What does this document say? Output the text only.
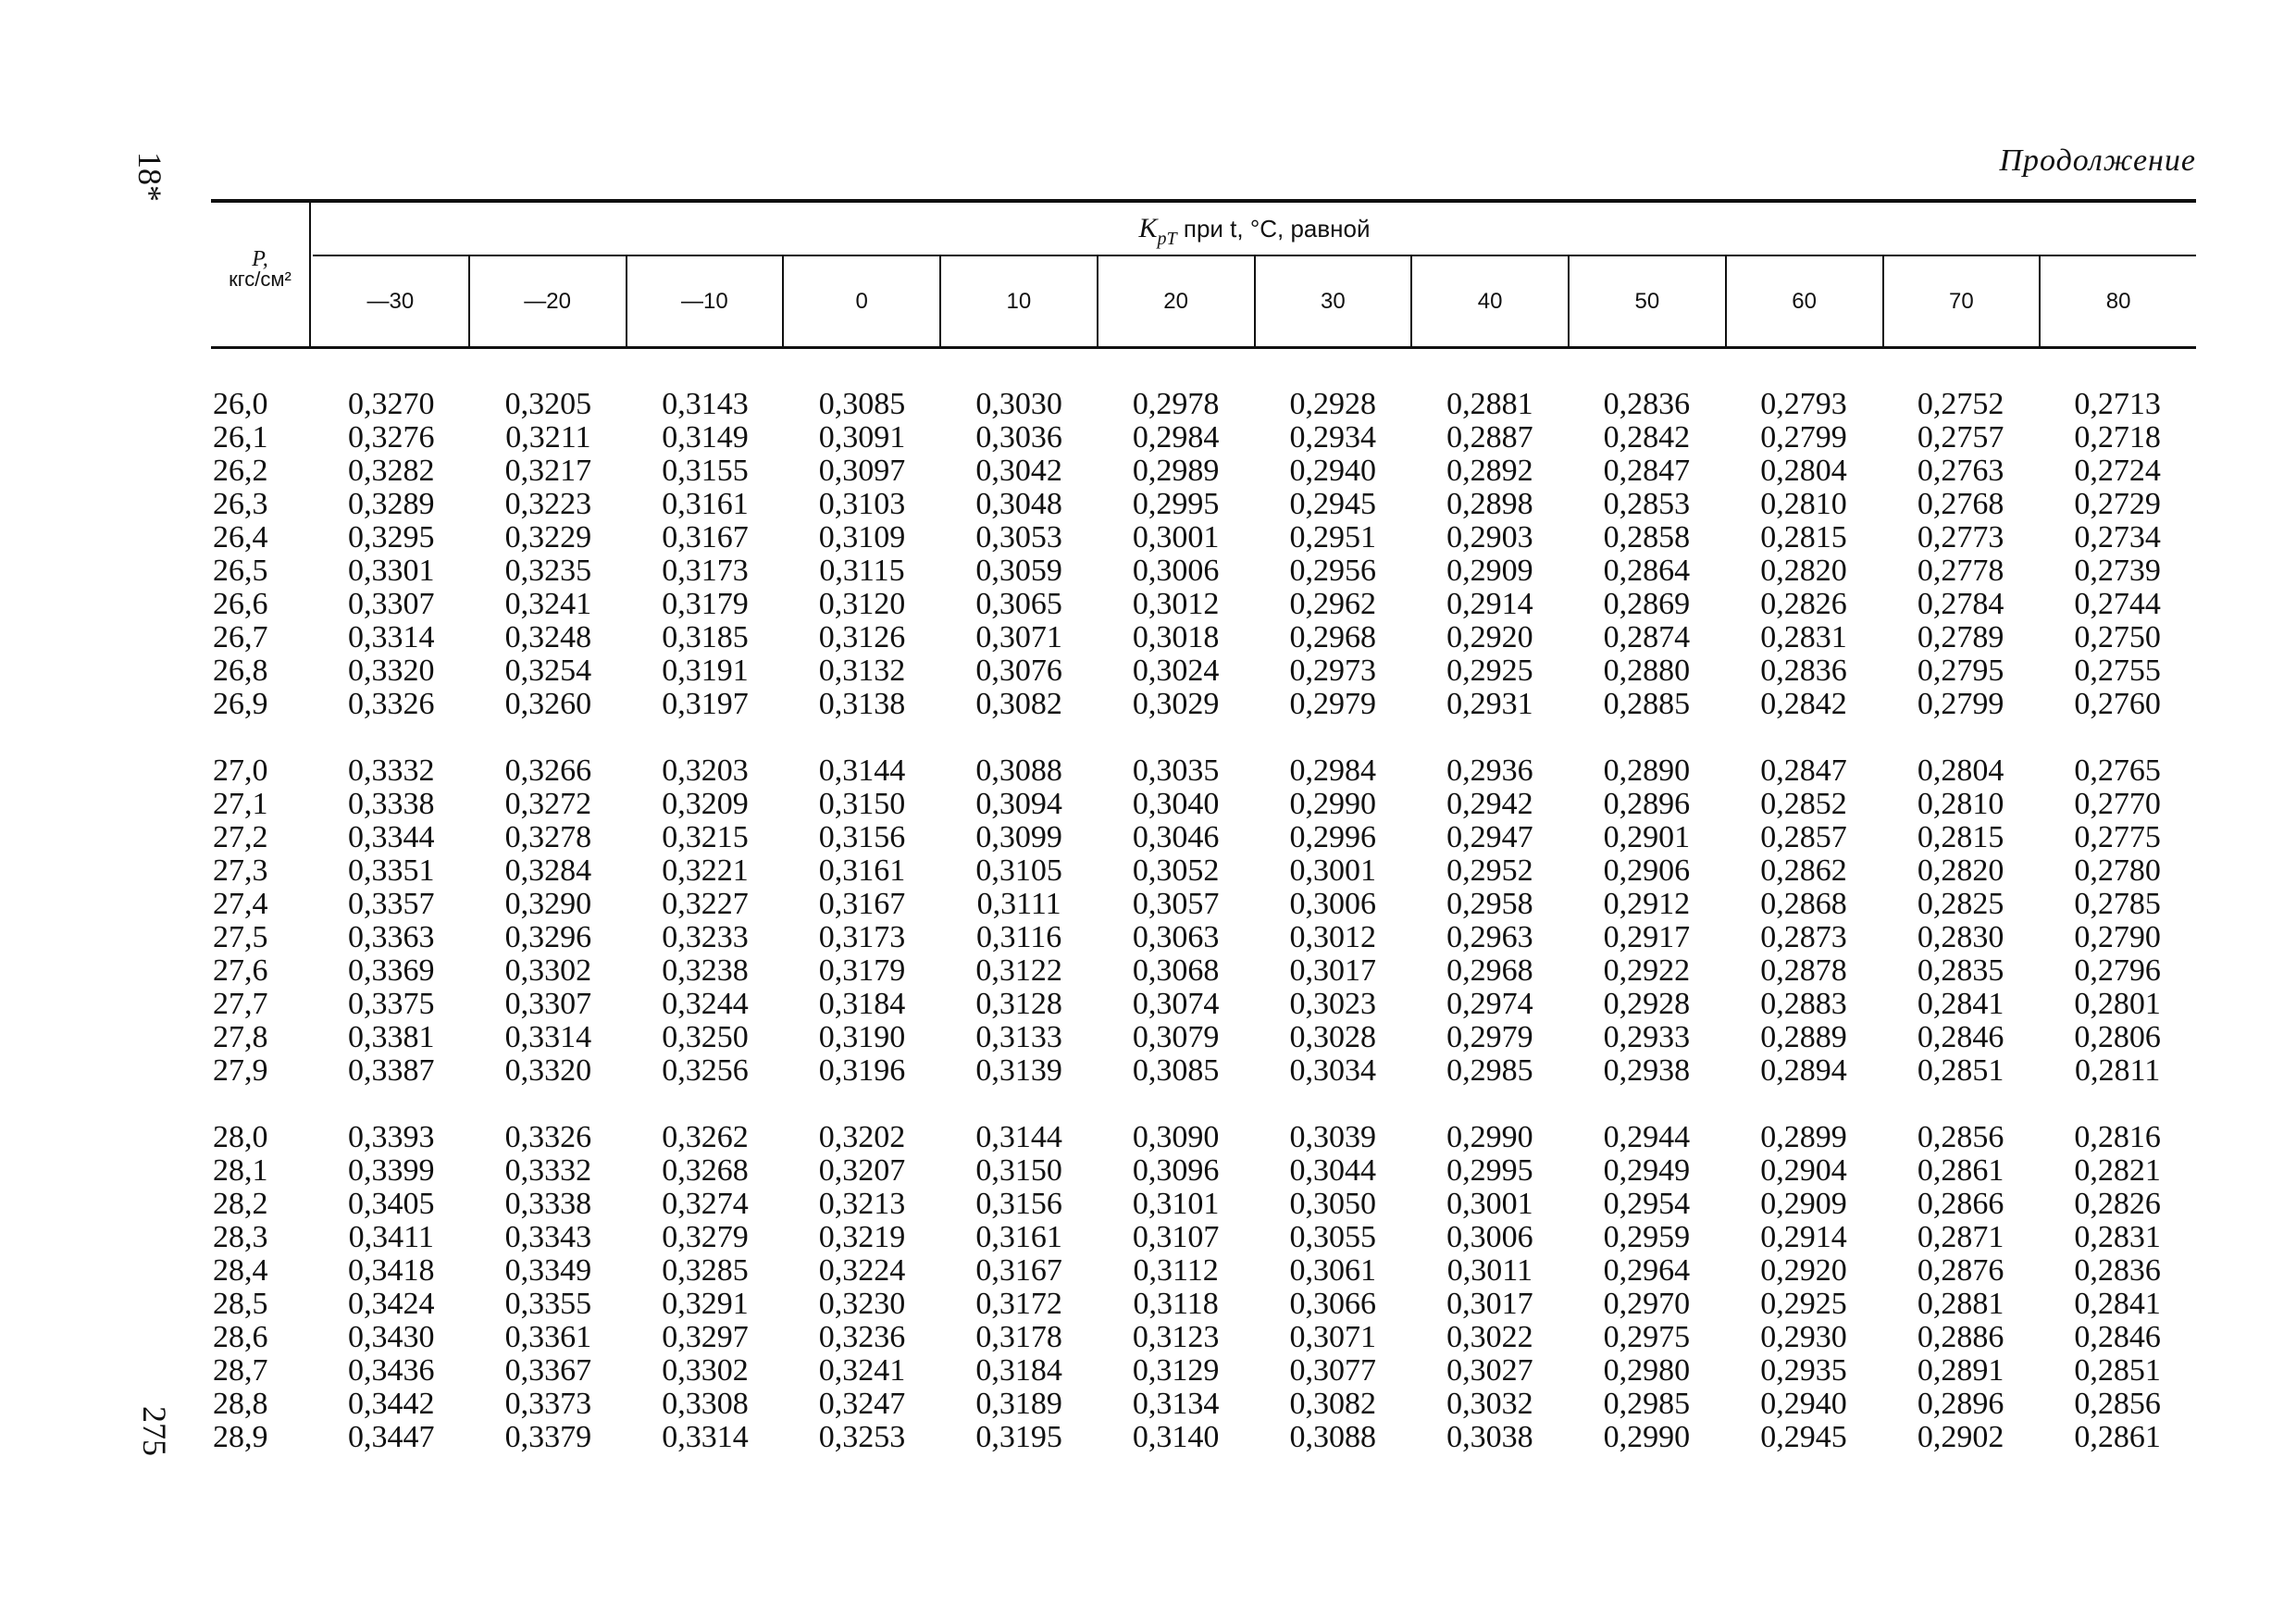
18*
275
Продолжение
P,
кгс/см²
$K_{pT}$ при t, °C, равной
—30	—20	—10	0	10	20	30	40	50	60	70	80
26,0	0,3270	0,3205	0,3143	0,3085	0,3030	0,2978	0,2928	0,2881	0,2836	0,2793	0,2752	0,2713
26,1	0,3276	0,3211	0,3149	0,3091	0,3036	0,2984	0,2934	0,2887	0,2842	0,2799	0,2757	0,2718
26,2	0,3282	0,3217	0,3155	0,3097	0,3042	0,2989	0,2940	0,2892	0,2847	0,2804	0,2763	0,2724
26,3	0,3289	0,3223	0,3161	0,3103	0,3048	0,2995	0,2945	0,2898	0,2853	0,2810	0,2768	0,2729
26,4	0,3295	0,3229	0,3167	0,3109	0,3053	0,3001	0,2951	0,2903	0,2858	0,2815	0,2773	0,2734
26,5	0,3301	0,3235	0,3173	0,3115	0,3059	0,3006	0,2956	0,2909	0,2864	0,2820	0,2778	0,2739
26,6	0,3307	0,3241	0,3179	0,3120	0,3065	0,3012	0,2962	0,2914	0,2869	0,2826	0,2784	0,2744
26,7	0,3314	0,3248	0,3185	0,3126	0,3071	0,3018	0,2968	0,2920	0,2874	0,2831	0,2789	0,2750
26,8	0,3320	0,3254	0,3191	0,3132	0,3076	0,3024	0,2973	0,2925	0,2880	0,2836	0,2795	0,2755
26,9	0,3326	0,3260	0,3197	0,3138	0,3082	0,3029	0,2979	0,2931	0,2885	0,2842	0,2799	0,2760
27,0	0,3332	0,3266	0,3203	0,3144	0,3088	0,3035	0,2984	0,2936	0,2890	0,2847	0,2804	0,2765
27,1	0,3338	0,3272	0,3209	0,3150	0,3094	0,3040	0,2990	0,2942	0,2896	0,2852	0,2810	0,2770
27,2	0,3344	0,3278	0,3215	0,3156	0,3099	0,3046	0,2996	0,2947	0,2901	0,2857	0,2815	0,2775
27,3	0,3351	0,3284	0,3221	0,3161	0,3105	0,3052	0,3001	0,2952	0,2906	0,2862	0,2820	0,2780
27,4	0,3357	0,3290	0,3227	0,3167	0,3111	0,3057	0,3006	0,2958	0,2912	0,2868	0,2825	0,2785
27,5	0,3363	0,3296	0,3233	0,3173	0,3116	0,3063	0,3012	0,2963	0,2917	0,2873	0,2830	0,2790
27,6	0,3369	0,3302	0,3238	0,3179	0,3122	0,3068	0,3017	0,2968	0,2922	0,2878	0,2835	0,2796
27,7	0,3375	0,3307	0,3244	0,3184	0,3128	0,3074	0,3023	0,2974	0,2928	0,2883	0,2841	0,2801
27,8	0,3381	0,3314	0,3250	0,3190	0,3133	0,3079	0,3028	0,2979	0,2933	0,2889	0,2846	0,2806
27,9	0,3387	0,3320	0,3256	0,3196	0,3139	0,3085	0,3034	0,2985	0,2938	0,2894	0,2851	0,2811
28,0	0,3393	0,3326	0,3262	0,3202	0,3144	0,3090	0,3039	0,2990	0,2944	0,2899	0,2856	0,2816
28,1	0,3399	0,3332	0,3268	0,3207	0,3150	0,3096	0,3044	0,2995	0,2949	0,2904	0,2861	0,2821
28,2	0,3405	0,3338	0,3274	0,3213	0,3156	0,3101	0,3050	0,3001	0,2954	0,2909	0,2866	0,2826
28,3	0,3411	0,3343	0,3279	0,3219	0,3161	0,3107	0,3055	0,3006	0,2959	0,2914	0,2871	0,2831
28,4	0,3418	0,3349	0,3285	0,3224	0,3167	0,3112	0,3061	0,3011	0,2964	0,2920	0,2876	0,2836
28,5	0,3424	0,3355	0,3291	0,3230	0,3172	0,3118	0,3066	0,3017	0,2970	0,2925	0,2881	0,2841
28,6	0,3430	0,3361	0,3297	0,3236	0,3178	0,3123	0,3071	0,3022	0,2975	0,2930	0,2886	0,2846
28,7	0,3436	0,3367	0,3302	0,3241	0,3184	0,3129	0,3077	0,3027	0,2980	0,2935	0,2891	0,2851
28,8	0,3442	0,3373	0,3308	0,3247	0,3189	0,3134	0,3082	0,3032	0,2985	0,2940	0,2896	0,2856
28,9	0,3447	0,3379	0,3314	0,3253	0,3195	0,3140	0,3088	0,3038	0,2990	0,2945	0,2902	0,2861
